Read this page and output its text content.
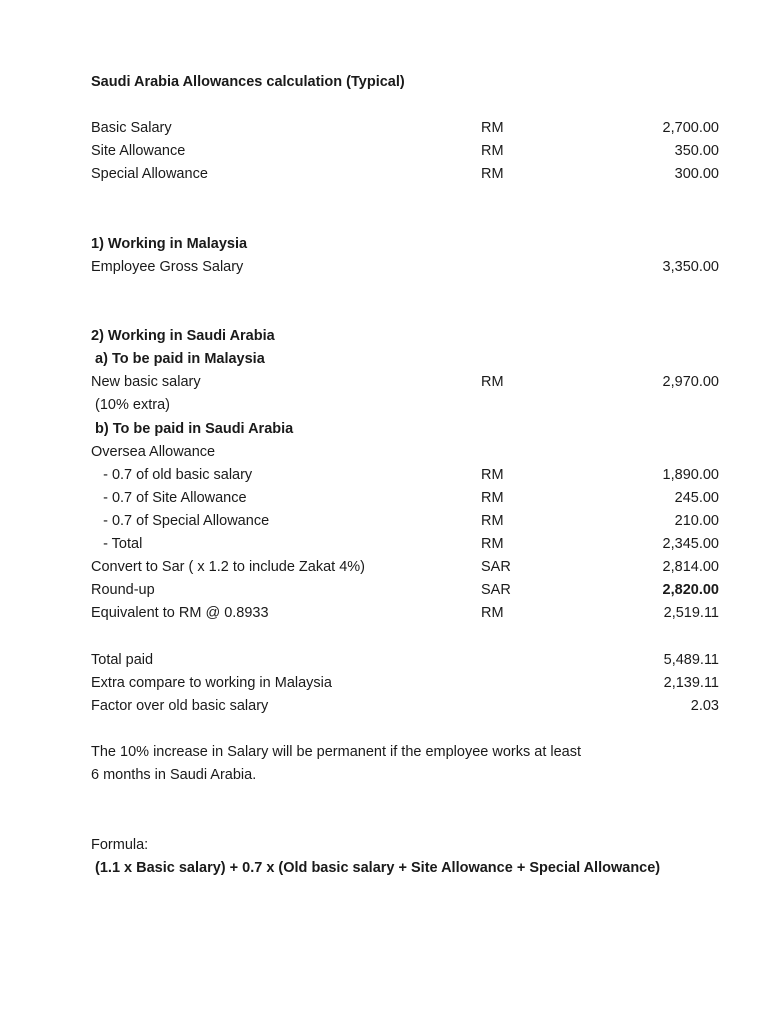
Saudi Arabia Allowances calculation (Typical)
Basic Salary	RM	2,700.00
Site Allowance	RM	350.00
Special Allowance	RM	300.00
1) Working in Malaysia
Employee Gross Salary	3,350.00
2) Working in Saudi Arabia
a) To be paid in Malaysia
New basic salary	RM	2,970.00
(10% extra)
b) To be paid in Saudi Arabia
Oversea Allowance
- 0.7 of old basic salary	RM	1,890.00
- 0.7 of Site Allowance	RM	245.00
- 0.7 of Special Allowance	RM	210.00
- Total	RM	2,345.00
Convert to Sar ( x 1.2 to include Zakat 4%)	SAR	2,814.00
Round-up	SAR	2,820.00
Equivalent to RM @ 0.8933	RM	2,519.11
Total paid	5,489.11
Extra compare to working in Malaysia	2,139.11
Factor over old basic salary	2.03
The 10% increase in Salary will be permanent if the employee works at least
6 months in Saudi Arabia.
Formula:
(1.1 x Basic salary) + 0.7 x (Old basic salary + Site Allowance + Special Allowance)
